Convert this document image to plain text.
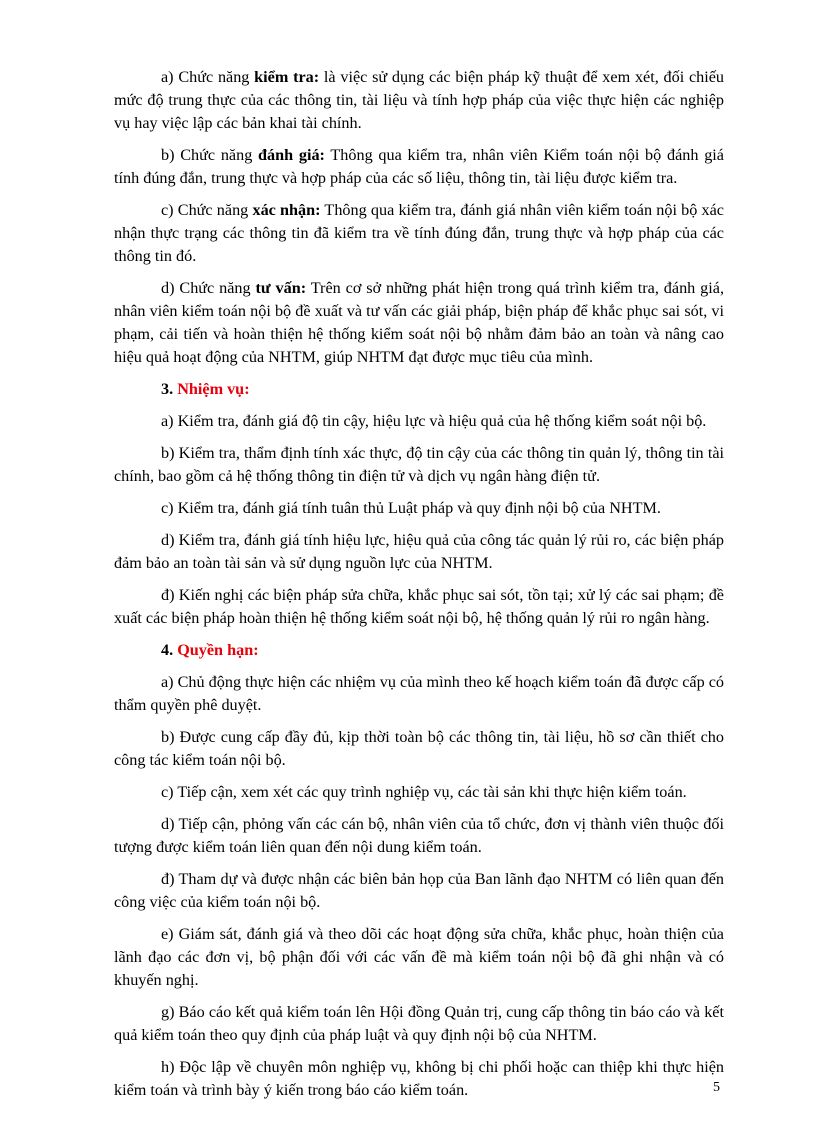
a) Chức năng kiểm tra: là việc sử dụng các biện pháp kỹ thuật để xem xét, đối chiếu mức độ trung thực của các thông tin, tài liệu và tính hợp pháp của việc thực hiện các nghiệp vụ hay việc lập các bản khai tài chính.

b) Chức năng đánh giá: Thông qua kiểm tra, nhân viên Kiểm toán nội bộ đánh giá tính đúng đắn, trung thực và hợp pháp của các số liệu, thông tin, tài liệu được kiểm tra.

c) Chức năng xác nhận: Thông qua kiểm tra, đánh giá nhân viên kiểm toán nội bộ xác nhận thực trạng các thông tin đã kiểm tra về tính đúng đắn, trung thực và hợp pháp của các thông tin đó.

d) Chức năng tư vấn: Trên cơ sở những phát hiện trong quá trình kiểm tra, đánh giá, nhân viên kiểm toán nội bộ đề xuất và tư vấn các giải pháp, biện pháp để khắc phục sai sót, vi phạm, cải tiến và hoàn thiện hệ thống kiểm soát nội bộ nhằm đảm bảo an toàn và nâng cao hiệu quả hoạt động của NHTM, giúp NHTM đạt được mục tiêu của mình.

3. Nhiệm vụ:

a) Kiểm tra, đánh giá độ tin cậy, hiệu lực và hiệu quả của hệ thống kiểm soát nội bộ.

b) Kiểm tra, thẩm định tính xác thực, độ tin cậy của các thông tin quản lý, thông tin tài chính, bao gồm cả hệ thống thông tin điện tử và dịch vụ ngân hàng điện tử.

c) Kiểm tra, đánh giá tính tuân thủ Luật pháp và quy định nội bộ của NHTM.

d) Kiểm tra, đánh giá tính hiệu lực, hiệu quả của công tác quản lý rủi ro, các biện pháp đảm bảo an toàn tài sản và sử dụng nguồn lực của NHTM.

đ) Kiến nghị các biện pháp sửa chữa, khắc phục sai sót, tồn tại; xử lý các sai phạm; đề xuất các biện pháp hoàn thiện hệ thống kiểm soát nội bộ, hệ thống quản lý rủi ro ngân hàng.

4. Quyền hạn:

a) Chủ động thực hiện các nhiệm vụ của mình theo kế hoạch kiểm toán đã được cấp có thẩm quyền phê duyệt.

b) Được cung cấp đầy đủ, kịp thời toàn bộ các thông tin, tài liệu, hồ sơ cần thiết cho công tác kiểm toán nội bộ.

c) Tiếp cận, xem xét các quy trình nghiệp vụ, các tài sản khi thực hiện kiểm toán.

d) Tiếp cận, phỏng vấn các cán bộ, nhân viên của tổ chức, đơn vị thành viên thuộc đối tượng được kiểm toán liên quan đến nội dung kiểm toán.

đ) Tham dự và được nhận các biên bản họp của Ban lãnh đạo NHTM có liên quan đến công việc của kiểm toán nội bộ.

e) Giám sát, đánh giá và theo dõi các hoạt động sửa chữa, khắc phục, hoàn thiện của lãnh đạo các đơn vị, bộ phận đối với các vấn đề mà kiểm toán nội bộ đã ghi nhận và có khuyến nghị.

g) Báo cáo kết quả kiểm toán lên Hội đồng Quản trị, cung cấp thông tin báo cáo và kết quả kiểm toán theo quy định của pháp luật và quy định nội bộ của NHTM.

h) Độc lập về chuyên môn nghiệp vụ, không bị chi phối hoặc can thiệp khi thực hiện kiểm toán và trình bày ý kiến trong báo cáo kiểm toán.	5
